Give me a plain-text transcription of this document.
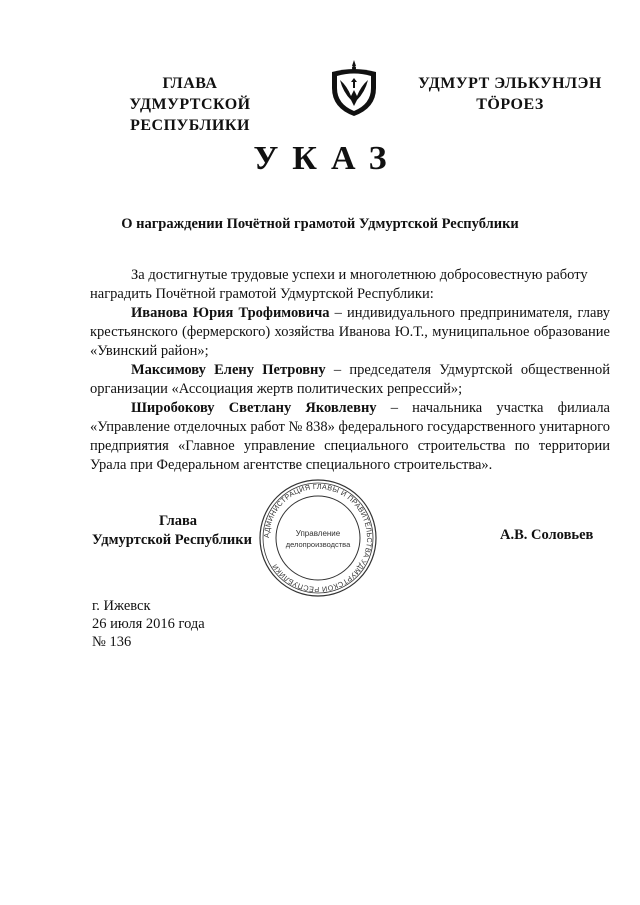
ГЛАВА
УДМУРТСКОЙ РЕСПУБЛИКИ
УДМУРТ ЭЛЬКУНЛЭН
ТӦРОЕЗ
УКАЗ
О награждении Почётной грамотой Удмуртской Республики

За достигнутые трудовые успехи и многолетнюю добросовестную работу

наградить Почётной грамотой Удмуртской Республики:

Иванова Юрия Трофимовича – индивидуального предпринимателя, главу крестьянского (фермерского) хозяйства Иванова Ю.Т., муниципальное образование «Увинский район»;

Максимову Елену Петровну – председателя Удмуртской общественной организации «Ассоциация жертв политических репрессий»;

Широбокову Светлану Яковлевну – начальника участка филиала «Управление отделочных работ № 838» федерального государственного унитарного предприятия «Главное управление специального строительства по территории Урала при Федеральном агентстве специального строительства».

Глава
Удмуртской Республики	АДМИНИСТРАЦИЯ ГЛАВЫ И ПРАВИТЕЛЬСТВА УДМУРТСКОЙ РЕСПУБЛИКИ
Управление
делопроизводства
А.В. Соловьев
г. Ижевск
26 июля 2016 года
№ 136
